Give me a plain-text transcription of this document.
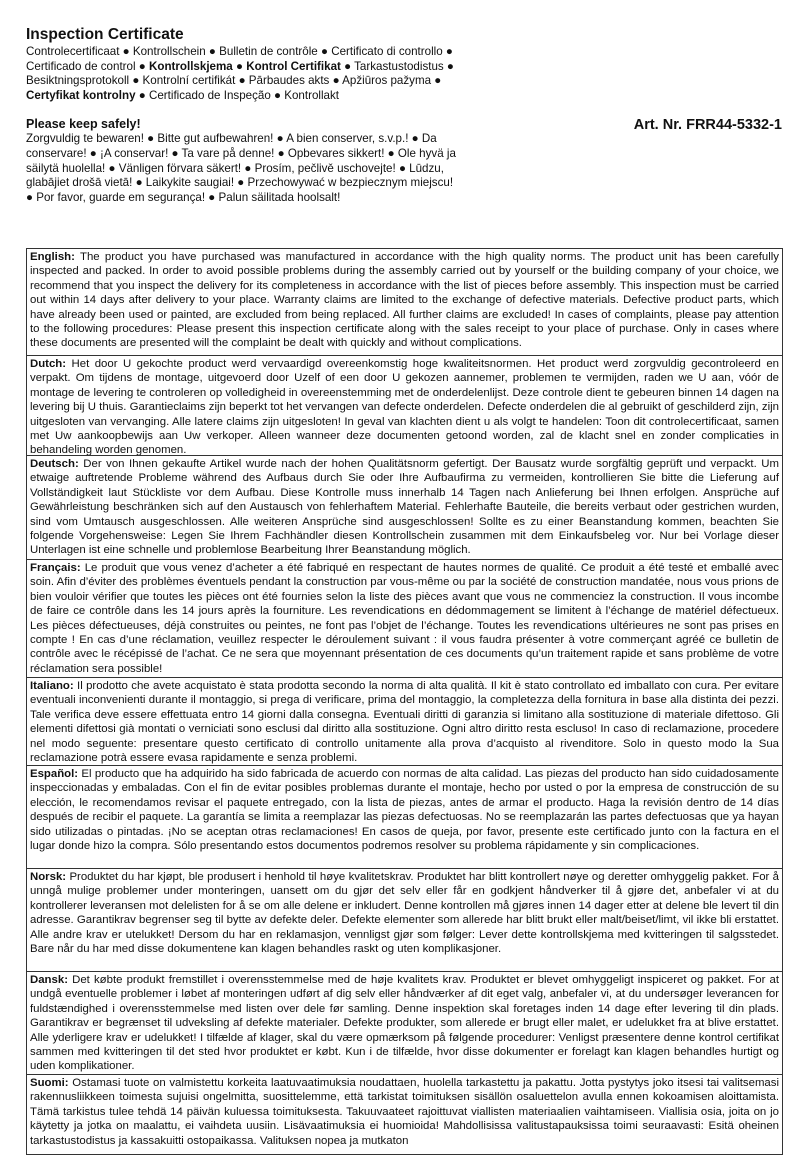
Inspection Certificate
Controlecertificaat ● Kontrollschein ● Bulletin de contrôle ● Certificato di controllo ● Certificado de control ● Kontrollskjema ● Kontrol Certifikat ● Tarkastustodistus ● Besiktningsprotokoll ● Kontrolní certifikát ● Pārbaudes akts ● Apžiūros pažyma ● Certyfikat kontrolny ● Certificado de Inspeção ● Kontrollakt
Please keep safely!
Zorgvuldig te bewaren! ● Bitte gut aufbewahren! ● A bien conserver, s.v.p.! ● Da conservare! ● ¡A conservar! ● Ta vare på denne! ● Opbevares sikkert! ● Ole hyvä ja säilytä huolella! ● Vänligen förvara säkert! ● Prosím, pečlivě uschovejte! ● Lūdzu, glabājiet drošā vietā! ● Laikykite saugiai! ● Przechowywać w bezpiecznym miejscu! ● Por favor, guarde em segurança! ● Palun säilitada hoolsalt!
Art. Nr. FRR44-5332-1
English: The product you have purchased was manufactured in accordance with the high quality norms. The product unit has been carefully inspected and packed. In order to avoid possible problems during the assembly carried out by yourself or the building company of your choice, we recommend that you inspect the delivery for its completeness in accordance with the list of pieces before assembly. This inspection must be carried out within 14 days after delivery to your place. Warranty claims are limited to the exchange of defective materials. Defective product parts, which have already been used or painted, are excluded from being replaced. All further claims are excluded! In cases of complaints, please pay attention to the following procedures: Please present this inspection certificate along with the sales receipt to your place of purchase. Only in cases where these documents are presented will the complaint be dealt with quickly and without complications.
Dutch: Het door U gekochte product werd vervaardigd overeenkomstig hoge kwaliteitsnormen. Het product werd zorgvuldig gecontroleerd en verpakt. Om tijdens de montage, uitgevoerd door Uzelf of een door U gekozen aannemer, problemen te vermijden, raden we U aan, vóór de montage de levering te controleren op volledigheid in overeenstemming met de onderdelenlijst. Deze controle dient te gebeuren binnen 14 dagen na levering bij U thuis. Garantieclaims zijn beperkt tot het vervangen van defecte onderdelen. Defecte onderdelen die al gebruikt of geschilderd zijn, zijn uitgesloten van vervanging. Alle latere claims zijn uitgesloten! In geval van klachten dient u als volgt te handelen: Toon dit controlecertificaat, samen met Uw aankoopbewijs aan Uw verkoper. Alleen wanneer deze documenten getoond worden, zal de klacht snel en zonder complicaties in behandeling worden genomen.
Deutsch: Der von Ihnen gekaufte Artikel wurde nach der hohen Qualitätsnorm gefertigt. Der Bausatz wurde sorgfältig geprüft und verpackt. Um etwaige auftretende Probleme während des Aufbaus durch Sie oder Ihre Aufbaufirma zu vermeiden, kontrollieren Sie bitte die Lieferung auf Vollständigkeit laut Stückliste vor dem Aufbau. Diese Kontrolle muss innerhalb 14 Tagen nach Anlieferung bei Ihnen erfolgen. Ansprüche auf Gewährleistung beschränken sich auf den Austausch von fehlerhaftem Material. Fehlerhafte Bauteile, die bereits verbaut oder gestrichen wurden, sind vom Umtausch ausgeschlossen. Alle weiteren Ansprüche sind ausgeschlossen! Sollte es zu einer Beanstandung kommen, beachten Sie folgende Vorgehensweise: Legen Sie Ihrem Fachhändler diesen Kontrollschein zusammen mit dem Einkaufsbeleg vor. Nur bei Vorlage dieser Unterlagen ist eine schnelle und problemlose Bearbeitung Ihrer Beanstandung möglich.
Français: Le produit que vous venez d’acheter a été fabriqué en respectant de hautes normes de qualité. Ce produit a été testé et emballé avec soin. Afin d’éviter des problèmes éventuels pendant la construction par vous-même ou par la société de construction mandatée, nous vous prions de bien vouloir vérifier que toutes les pièces ont été fournies selon la liste des pièces avant que vous ne commenciez la construction. Il vous incombe de faire ce contrôle dans les 14 jours après la fourniture. Les revendications en dédommagement se limitent à l’échange de matériel défectueux. Les pièces défectueuses, déjà construites ou peintes, ne font pas l’objet de l’échange. Toutes les revendications ultérieures ne sont pas prises en compte ! En cas d’une réclamation, veuillez respecter le déroulement suivant : il vous faudra présenter à votre commerçant agréé ce bulletin de contrôle avec le récépissé de l’achat. Ce ne sera que moyennant présentation de ces documents qu’un traitement rapide et sans problème de votre réclamation sera possible!
Italiano: Il prodotto che avete acquistato è stata prodotta secondo la norma di alta qualità. Il kit è stato controllato ed imballato con cura. Per evitare eventuali inconvenienti durante il montaggio, si prega di verificare, prima del montaggio, la completezza della fornitura in base alla distinta dei pezzi. Tale verifica deve essere effettuata entro 14 giorni dalla consegna. Eventuali diritti di garanzia si limitano alla sostituzione di materiale difettoso. Gli elementi difettosi già montati o verniciati sono esclusi dal diritto alla sostituzione. Ogni altro diritto resta escluso! In caso di reclamazione, procedere nel modo seguente: presentare questo certificato di controllo unitamente alla prova d’acquisto al rivenditore. Solo in questo modo la Sua reclamazione potrà essere evasa rapidamente e senza problemi.
Español: El producto que ha adquirido ha sido fabricada de acuerdo con normas de alta calidad. Las piezas del producto han sido cuidadosamente inspeccionadas y embaladas. Con el fin de evitar posibles problemas durante el montaje, hecho por usted o por la empresa de construcción de su elección, le recomendamos revisar el paquete entregado, con la lista de piezas, antes de armar el producto. Haga la revisión dentro de 14 días después de recibir el paquete. La garantía se limita a reemplazar las piezas defectuosas. No se reemplazarán las partes defectuosas que ya hayan sido utilizadas o pintadas. ¡No se aceptan otras reclamaciones! En casos de queja, por favor, presente este certificado junto con la factura en el lugar donde hizo la compra. Sólo presentando estos documentos podremos resolver su problema rápidamente y sin complicaciones.
Norsk: Produktet du har kjøpt, ble produsert i henhold til høye kvalitetskrav. Produktet har blitt kontrollert nøye og deretter omhyggelig pakket. For å unngå mulige problemer under monteringen, uansett om du gjør det selv eller får en godkjent håndverker til å gjøre det, anbefaler vi at du kontrollerer leveransen mot delelisten for å se om alle delene er inkludert. Denne kontrollen må gjøres innen 14 dager etter at delene ble levert til din adresse. Garantikrav begrenser seg til bytte av defekte deler. Defekte elementer som allerede har blitt brukt eller malt/beiset/limt, vil ikke bli erstattet. Alle andre krav er utelukket! Dersom du har en reklamasjon, vennligst gjør som følger: Lever dette kontrollskjema med kvitteringen til salgsstedet. Bare når du har med disse dokumentene kan klagen behandles raskt og uten komplikasjoner.
Dansk: Det købte produkt fremstillet i overensstemmelse med de høje kvalitets krav. Produktet er blevet omhyggeligt inspiceret og pakket. For at undgå eventuelle problemer i løbet af monteringen udført af dig selv eller håndværker af dit eget valg, anbefaler vi, at du undersøger leverancen for fuldstændighed i overensstemmelse med listen over dele før samling. Denne inspektion skal foretages inden 14 dage efter levering til din plads. Garantikrav er begrænset til udveksling af defekte materialer. Defekte produkter, som allerede er brugt eller malet, er udelukket fra at blive erstattet. Alle yderligere krav er udelukket! I tilfælde af klager, skal du være opmærksom på følgende procedurer: Venligst præsentere denne kontrol certifikat sammen med kvitteringen til det sted hvor produktet er købt. Kun i de tilfælde, hvor disse dokumenter er forelagt kan klagen behandles hurtigt og uden komplikationer.
Suomi: Ostamasi tuote on valmistettu korkeita laatuvaatimuksia noudattaen, huolella tarkastettu ja pakattu. Jotta pystytys joko itsesi tai valitsemasi rakennusliikkeen toimesta sujuisi ongelmitta, suosittelemme, että tarkistat toimituksen sisällön osaluettelon avulla ennen kokoamisen aloittamista. Tämä tarkistus tulee tehdä 14 päivän kuluessa toimituksesta. Takuuvaateet rajoittuvat viallisten materiaalien vaihtamiseen. Viallisia osia, joita on jo käytetty ja jotka on maalattu, ei vaihdeta uusiin. Lisävaatimuksia ei huomioida! Mahdollisissa valitustapauksissa toimi seuraavasti: Esitä oheinen tarkastustodistus ja kassakuitti ostopaikassa. Valituksen nopea ja mutkaton
